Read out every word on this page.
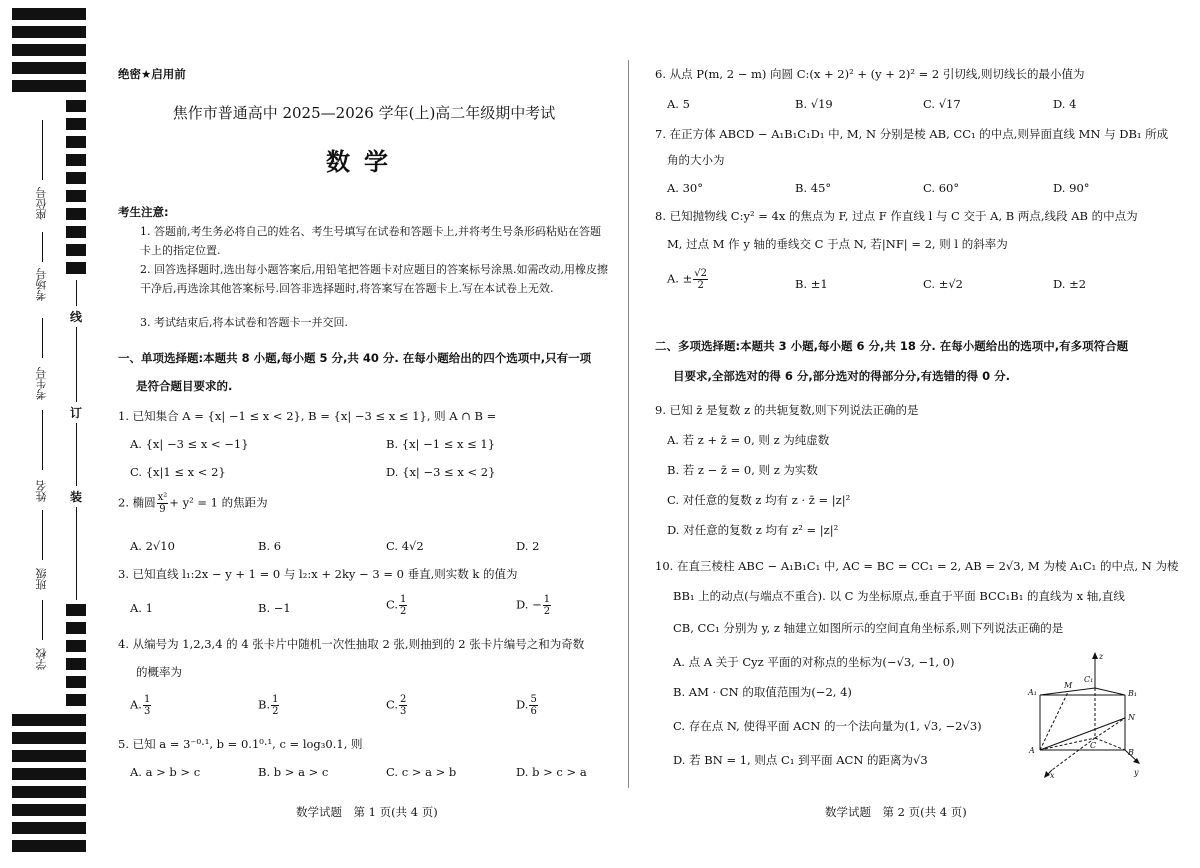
座位号
考场号
考生号
姓名
班级
学校
线
订
装
绝密★启用前
焦作市普通高中 2025—2026 学年(上)高二年级期中考试
数学
考生注意:
1. 答题前,考生务必将自己的姓名、考生号填写在试卷和答题卡上,并将考生号条形码粘贴在答题卡上的指定位置.
2. 回答选择题时,选出每小题答案后,用铅笔把答题卡对应题目的答案标号涂黑.如需改动,用橡皮擦干净后,再选涂其他答案标号.回答非选择题时,将答案写在答题卡上.写在本试卷上无效.
3. 考试结束后,将本试卷和答题卡一并交回.
一、单项选择题:本题共 8 小题,每小题 5 分,共 40 分. 在每小题给出的四个选项中,只有一项
是符合题目要求的.
1. 已知集合 A = {x| −1 ≤ x < 2}, B = {x| −3 ≤ x ≤ 1}, 则 A ∩ B =
A. {x| −3 ≤ x < −1}	B. {x| −1 ≤ x ≤ 1}
C. {x|1 ≤ x < 2}	D. {x| −3 ≤ x < 2}
2. 椭圆 $\frac{\text{x²}}{9} + y^2 = 1$ 的焦距为
A. 2√10	B. 6	C. 4√2	D. 2
3. 已知直线 l₁:2x − y + 1 = 0 与 l₂:x + 2ky − 3 = 0 垂直,则实数 k 的值为
A. 1	B. −1	C. $\frac{1}{2}$	D. − $\frac{1}{2}$
4. 从编号为 1,2,3,4 的 4 张卡片中随机一次性抽取 2 张,则抽到的 2 张卡片编号之和为奇数
的概率为
A. $\frac{1}{3}$	B. $\frac{1}{2}$	C. $\frac{2}{3}$	D. $\frac{5}{6}$
5. 已知 a = 3⁻⁰·¹, b = 0.1⁰·¹, c = log₃0.1, 则
A. a > b > c	B. b > a > c	C. c > a > b	D. b > c > a
数学试题　第 1 页(共 4 页)
6. 从点 P(m, 2 − m) 向圆 C:(x + 2)² + (y + 2)² = 2 引切线,则切线长的最小值为
A. 5	B. √19	C. √17	D. 4
7. 在正方体 ABCD − A₁B₁C₁D₁ 中, M, N 分别是棱 AB, CC₁ 的中点,则异面直线 MN 与 DB₁ 所成
角的大小为
A. 30°	B. 45°	C. 60°	D. 90°
8. 已知抛物线 C:y² = 4x 的焦点为 F, 过点 F 作直线 l 与 C 交于 A, B 两点,线段 AB 的中点为
M, 过点 M 作 y 轴的垂线交 C 于点 N, 若|NF| = 2, 则 l 的斜率为
A. ± $\frac{√2}{2}$	B. ±1	C. ±√2	D. ±2
二、多项选择题:本题共 3 小题,每小题 6 分,共 18 分. 在每小题给出的选项中,有多项符合题
目要求,全部选对的得 6 分,部分选对的得部分分,有选错的得 0 分.
9. 已知 z̄ 是复数 z 的共轭复数,则下列说法正确的是
A. 若 z + z̄ = 0, 则 z 为纯虚数
B. 若 z − z̄ = 0, 则 z 为实数
C. 对任意的复数 z 均有 z · z̄ = |z|²
D. 对任意的复数 z 均有 z² = |z|²
10. 在直三棱柱 ABC − A₁B₁C₁ 中, AC = BC = CC₁ = 2, AB = 2√3, M 为棱 A₁C₁ 的中点, N 为棱
BB₁ 上的动点(与端点不重合). 以 C 为坐标原点,垂直于平面 BCC₁B₁ 的直线为 x 轴,直线
CB, CC₁ 分别为 y, z 轴建立如图所示的空间直角坐标系,则下列说法正确的是
A. 点 A 关于 Cyz 平面的对称点的坐标为(−√3, −1, 0)
B. AM · CN 的取值范围为(−2, 4)
C. 存在点 N, 使得平面 ACN 的一个法向量为(1, √3, −2√3)
D. 若 BN = 1, 则点 C₁ 到平面 ACN 的距离为√3
数学试题　第 2 页(共 4 页)
z
C₁
A₁
M
B₁
N
A
C
B
x	y
